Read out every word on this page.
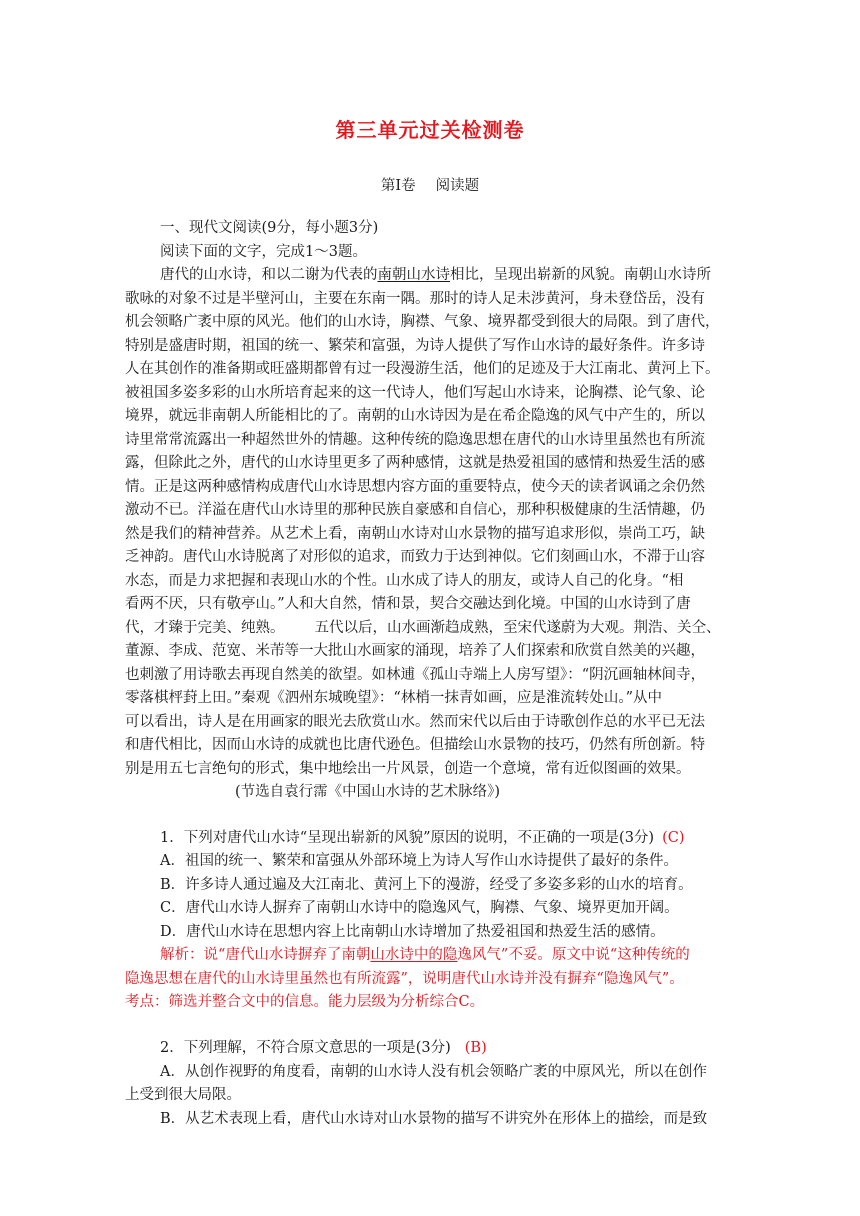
第三单元过关检测卷
第Ⅰ卷 阅读题
一、现代文阅读(9分，每小题3分)
阅读下面的文字，完成1～3题。
唐代的山水诗，和以二谢为代表的南朝山水诗相比，呈现出崭新的风貌。南朝山水诗所
歌咏的对象不过是半壁河山，主要在东南一隅。那时的诗人足未涉黄河，身未登岱岳，没有
机会领略广袤中原的风光。他们的山水诗，胸襟、气象、境界都受到很大的局限。到了唐代，
特别是盛唐时期，祖国的统一、繁荣和富强，为诗人提供了写作山水诗的最好条件。许多诗
人在其创作的准备期或旺盛期都曾有过一段漫游生活，他们的足迹及于大江南北、黄河上下。
被祖国多姿多彩的山水所培育起来的这一代诗人，他们写起山水诗来，论胸襟、论气象、论
境界，就远非南朝人所能相比的了。南朝的山水诗因为是在希企隐逸的风气中产生的，所以
诗里常常流露出一种超然世外的情趣。这种传统的隐逸思想在唐代的山水诗里虽然也有所流
露，但除此之外，唐代的山水诗里更多了两种感情，这就是热爱祖国的感情和热爱生活的感
情。正是这两种感情构成唐代山水诗思想内容方面的重要特点，使今天的读者讽诵之余仍然
激动不已。洋溢在唐代山水诗里的那种民族自豪感和自信心，那种积极健康的生活情趣，仍
然是我们的精神营养。从艺术上看，南朝山水诗对山水景物的描写追求形似，崇尚工巧，缺
乏神韵。唐代山水诗脱离了对形似的追求，而致力于达到神似。它们刻画山水，不滞于山容
水态，而是力求把握和表现山水的个性。山水成了诗人的朋友，或诗人自己的化身。“相
看两不厌，只有敬亭山。”人和大自然，情和景，契合交融达到化境。中国的山水诗到了唐
代，才臻于完美、纯熟。 五代以后，山水画渐趋成熟，至宋代遂蔚为大观。荆浩、关仝、
董源、李成、范宽、米芾等一大批山水画家的涌现，培养了人们探索和欣赏自然美的兴趣，
也刺激了用诗歌去再现自然美的欲望。如林逋《孤山寺端上人房写望》：“阴沉画轴林间寺，
零落棋枰葑上田。”秦观《泗州东城晚望》：“林梢一抹青如画，应是淮流转处山。”从中
可以看出，诗人是在用画家的眼光去欣赏山水。然而宋代以后由于诗歌创作总的水平已无法
和唐代相比，因而山水诗的成就也比唐代逊色。但描绘山水景物的技巧，仍然有所创新。特
别是用五七言绝句的形式，集中地绘出一片风景，创造一个意境，常有近似图画的效果。
(节选自袁行霈《中国山水诗的艺术脉络》)
1．下列对唐代山水诗“呈现出崭新的风貌”原因的说明，不正确的一项是(3分) (C)
A．祖国的统一、繁荣和富强从外部环境上为诗人写作山水诗提供了最好的条件。
B．许多诗人通过遍及大江南北、黄河上下的漫游，经受了多姿多彩的山水的培育。
C．唐代山水诗人摒弃了南朝山水诗中的隐逸风气，胸襟、气象、境界更加开阔。
D．唐代山水诗在思想内容上比南朝山水诗增加了热爱祖国和热爱生活的感情。
解析：说“唐代山水诗摒弃了南朝山水诗中的隐逸风气”不妥。原文中说“这种传统的
隐逸思想在唐代的山水诗里虽然也有所流露”，说明唐代山水诗并没有摒弃“隐逸风气”。
考点：筛选并整合文中的信息。能力层级为分析综合C。
2．下列理解，不符合原文意思的一项是(3分) (B)
A．从创作视野的角度看，南朝的山水诗人没有机会领略广袤的中原风光，所以在创作
上受到很大局限。
B．从艺术表现上看，唐代山水诗对山水景物的描写不讲究外在形体上的描绘，而是致
